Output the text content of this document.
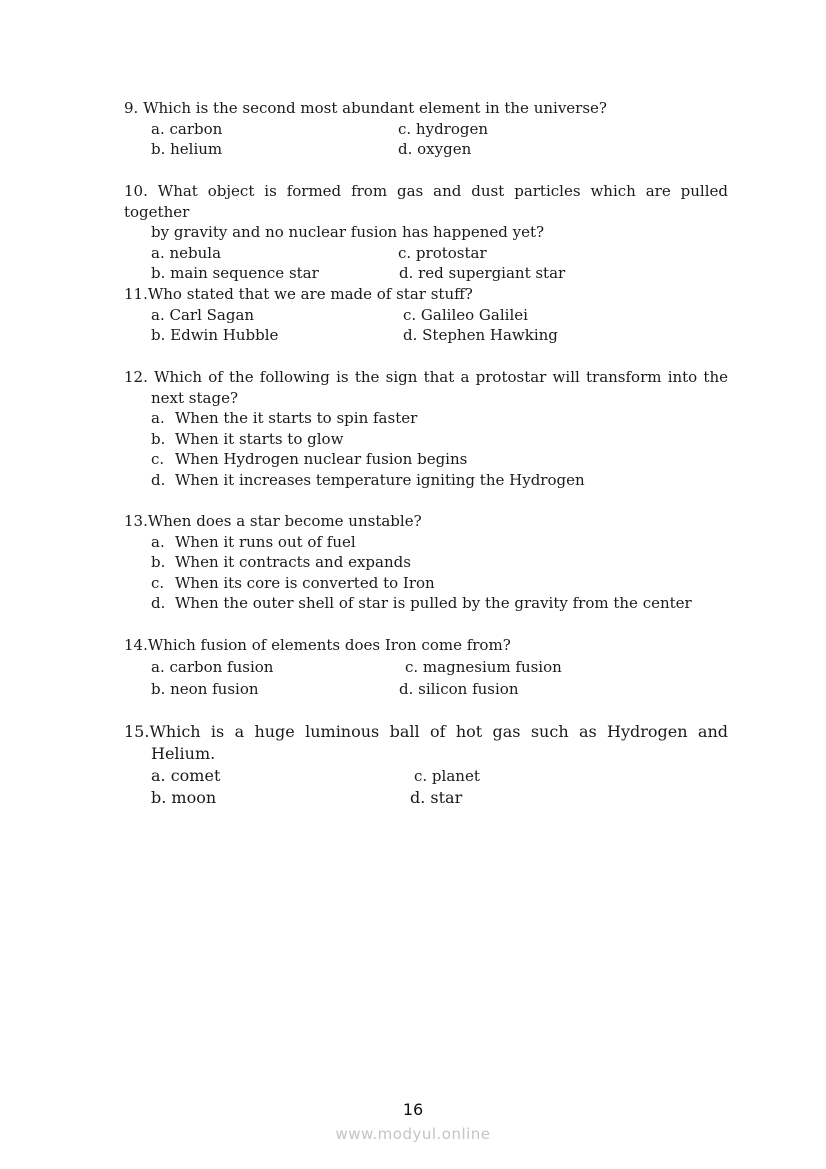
9. Which is the second most abundant element in the universe?
a. carbon	c. hydrogen
b. helium	d. oxygen
10. What object is formed from gas and dust particles which are pulled together
by gravity and no nuclear fusion has happened yet?
a. nebula	c. protostar
b. main sequence star	d. red supergiant star
11.Who stated that we are made of star stuff?
a. Carl Sagan	c. Galileo Galilei
b. Edwin Hubble	d. Stephen Hawking
12. Which of the following is the sign that a protostar will transform into the
next stage?
a. When the it starts to spin faster
b. When it starts to glow
c. When Hydrogen nuclear fusion begins
d. When it increases temperature igniting the Hydrogen
13.When does a star become unstable?
a. When it runs out of fuel
b. When it contracts and expands
c. When its core is converted to Iron
d. When the outer shell of star is pulled by the gravity from the center
14.Which fusion of elements does Iron come from?
a. carbon fusion	c. magnesium fusion
b. neon fusion	d. silicon fusion
15.Which is a huge luminous ball of hot gas such as Hydrogen and
Helium.
a. comet	c. planet
b. moon	d. star
16
www.modyul.online
